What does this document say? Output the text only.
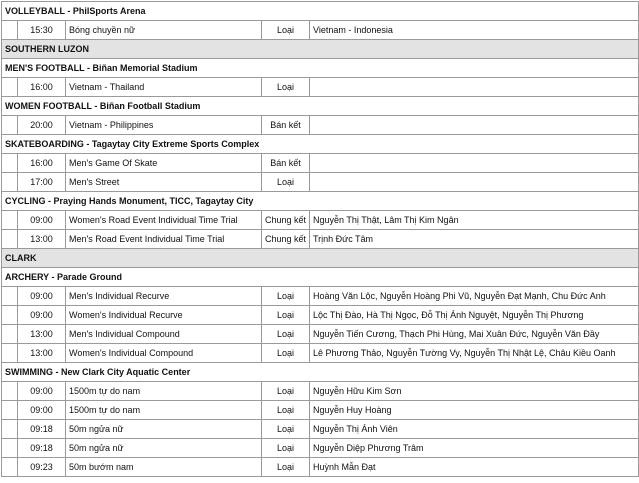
VOLLEYBALL - PhilSports Arena				
	15:30	Bóng chuyền nữ	Loại	Vietnam - Indonesia
SOUTHERN LUZON				
MEN'S FOOTBALL - Biñan Memorial Stadium				
	16:00	Vietnam - Thailand	Loại	
WOMEN FOOTBALL - Biñan Football Stadium				
	20:00	Vietnam - Philippines	Bán kết	
SKATEBOARDING - Tagaytay City Extreme Sports Complex				
	16:00	Men's Game Of Skate	Bán kết	
	17:00	Men's Street	Loại	
CYCLING - Praying Hands Monument, TICC, Tagaytay City				
	09:00	Women's Road Event Individual Time Trial	Chung kết	Nguyễn Thị Thật, Lâm Thị Kim Ngân
	13:00	Men's Road Event Individual Time Trial	Chung kết	Trịnh Đức Tâm
CLARK				
ARCHERY - Parade Ground				
	09:00	Men's Individual Recurve	Loại	Hoàng Văn Lộc, Nguyễn Hoàng Phi Vũ, Nguyễn Đạt Mạnh, Chu Đức Anh
	09:00	Women's Individual Recurve	Loại	Lộc Thị Đào, Hà Thị Ngọc, Đỗ Thị Ánh Nguyệt, Nguyễn Thị Phương
	13:00	Men's Individual Compound	Loại	Nguyễn Tiến Cương, Thạch Phi Hùng, Mai Xuân Đức, Nguyễn Văn Đầy
	13:00	Women's Individual Compound	Loại	Lê Phương Thảo, Nguyễn Tường Vy, Nguyễn Thị Nhật Lệ, Châu Kiều Oanh
SWIMMING - New Clark City Aquatic Center				
	09:00	1500m tự do nam	Loại	Nguyễn Hữu Kim Sơn
	09:00	1500m tự do nam	Loại	Nguyễn Huy Hoàng
	09:18	50m ngửa nữ	Loại	Nguyễn Thị Ánh Viên
	09:18	50m ngửa nữ	Loại	Nguyễn Diệp Phương Trâm
	09:23	50m bướm nam	Loại	Huỳnh Mẫn Đạt
